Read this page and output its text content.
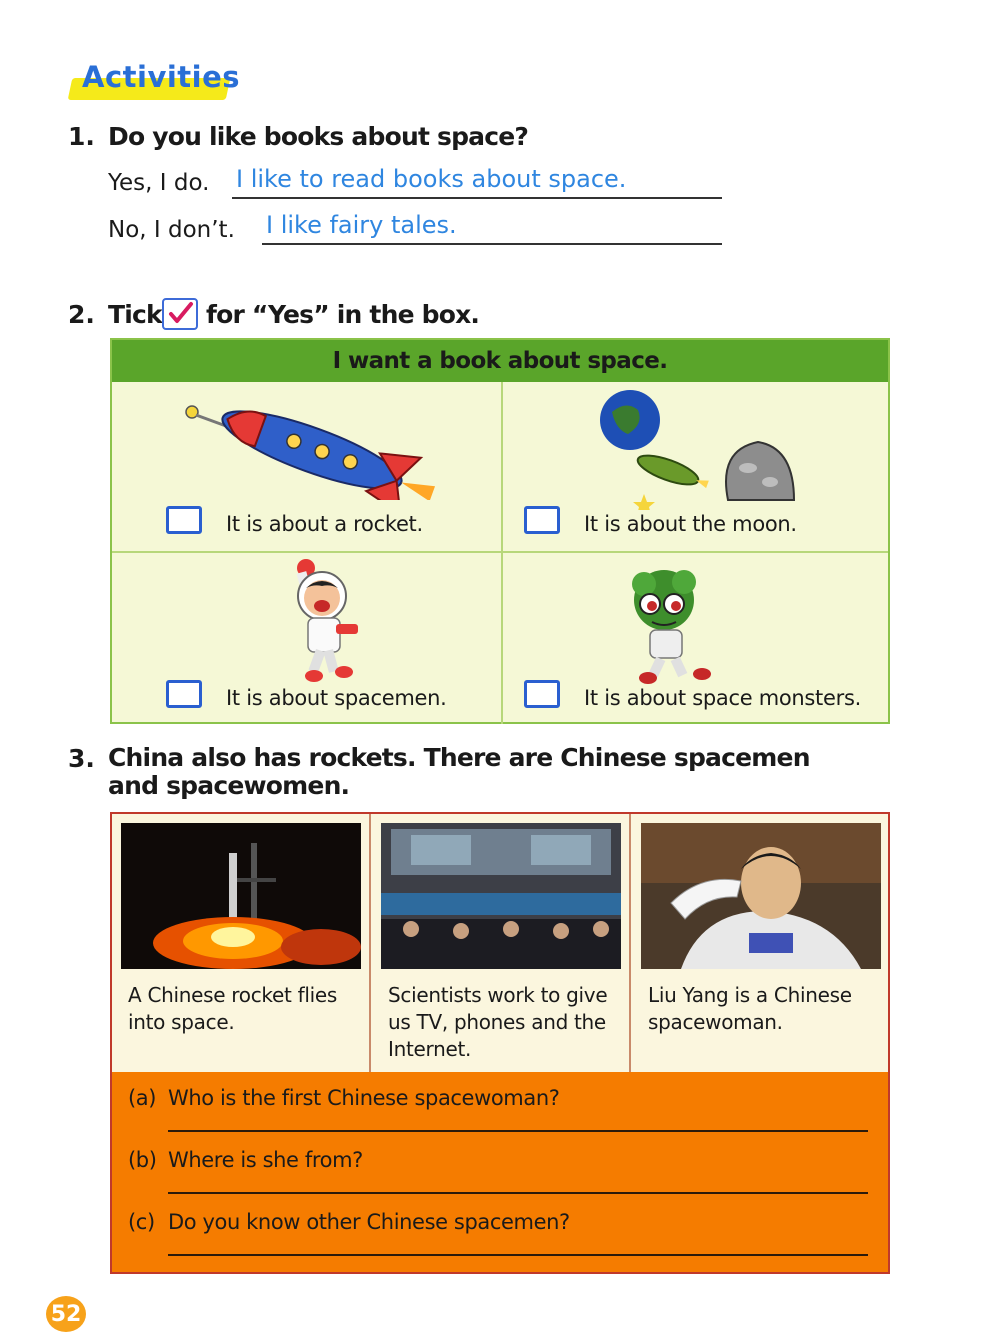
Activities
1. Do you like books about space?
Yes, I do. I like to read books about space.
No, I don’t. I like fairy tales.
2. Tick for “Yes” in the box.
I want a book about space.
It is about a rocket.	It is about the moon.
It is about spacemen.	It is about space monsters.
3. China also has rockets. There are Chinese spacemen and spacewomen.
A Chinese rocket flies into space.
Scientists work to give us TV, phones and the Internet.
Liu Yang is a Chinese spacewoman.
(a) Who is the first Chinese spacewoman?
(b) Where is she from?
(c) Do you know other Chinese spacemen?
52
